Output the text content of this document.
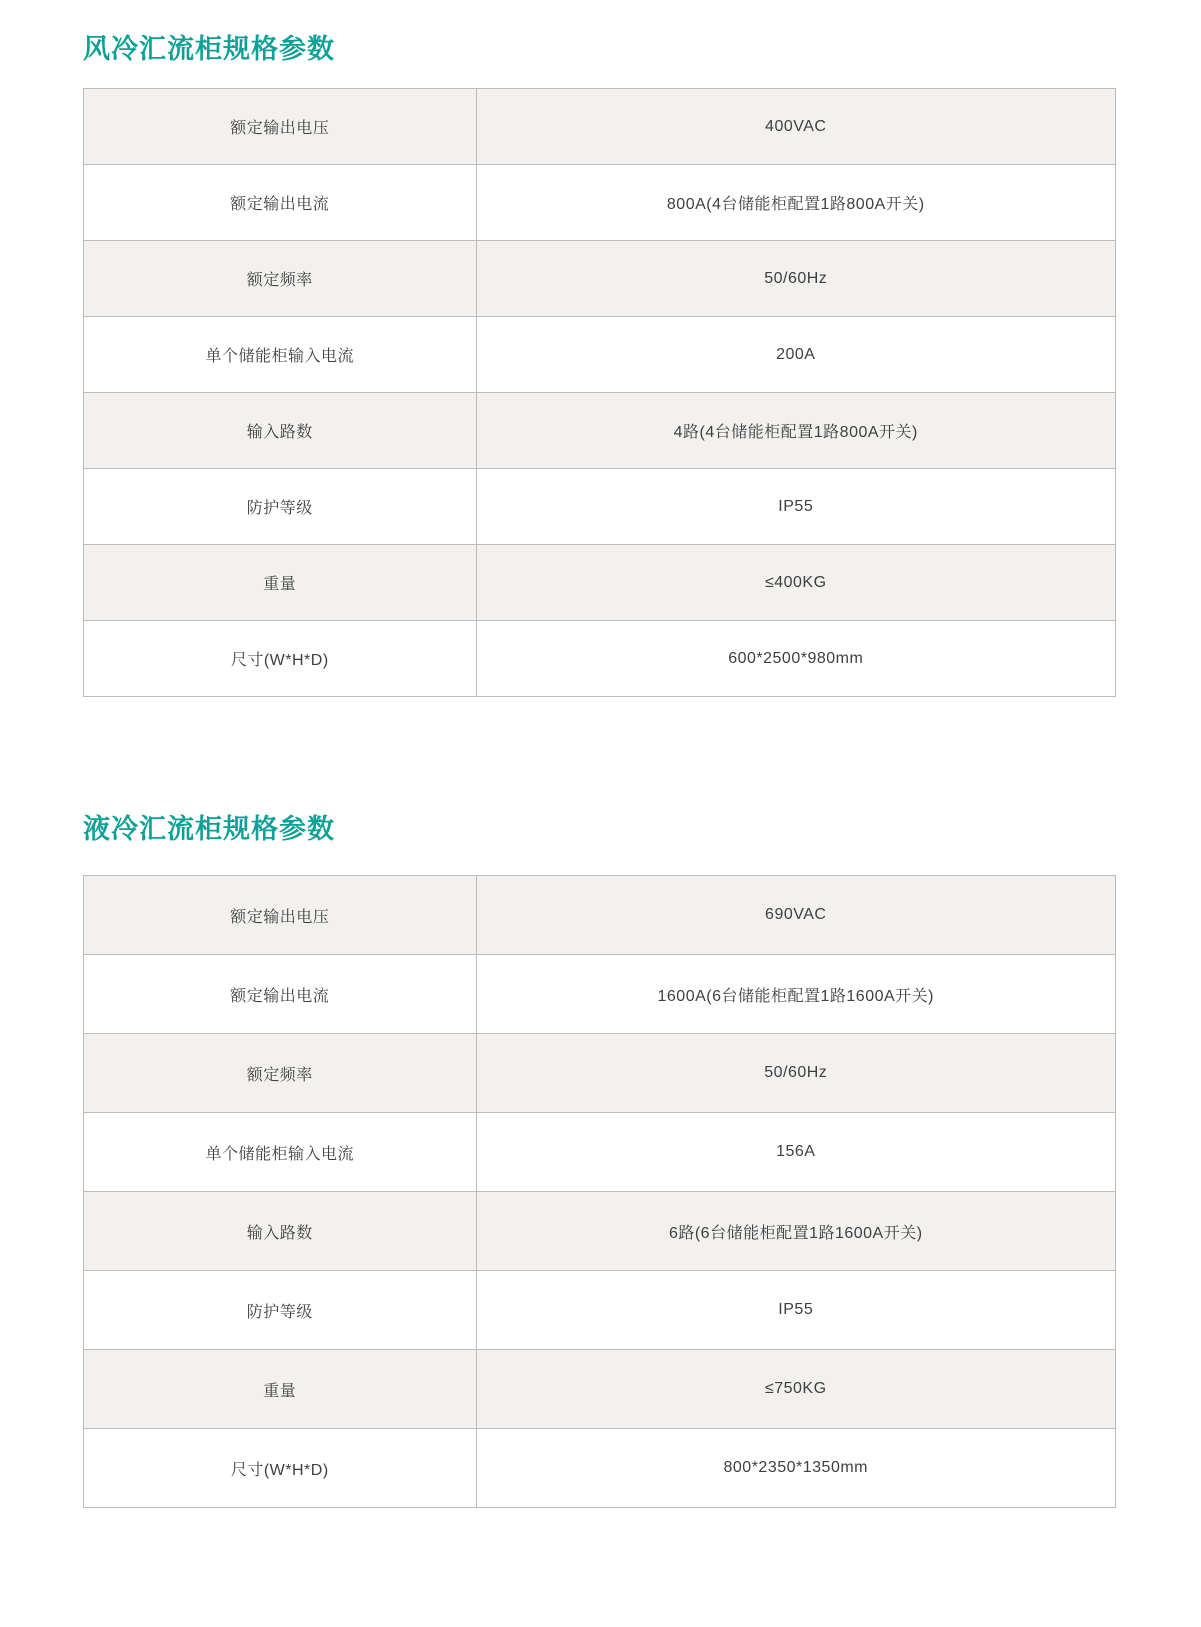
风冷汇流柜规格参数
额定输出电压	400VAC
额定输出电流	800A(4台储能柜配置1路800A开关)
额定频率	50/60Hz
单个储能柜输入电流	200A
输入路数	4路(4台储能柜配置1路800A开关)
防护等级	IP55
重量	≤400KG
尺寸(W*H*D)	600*2500*980mm
液冷汇流柜规格参数
额定输出电压	690VAC
额定输出电流	1600A(6台储能柜配置1路1600A开关)
额定频率	50/60Hz
单个储能柜输入电流	156A
输入路数	6路(6台储能柜配置1路1600A开关)
防护等级	IP55
重量	≤750KG
尺寸(W*H*D)	800*2350*1350mm
